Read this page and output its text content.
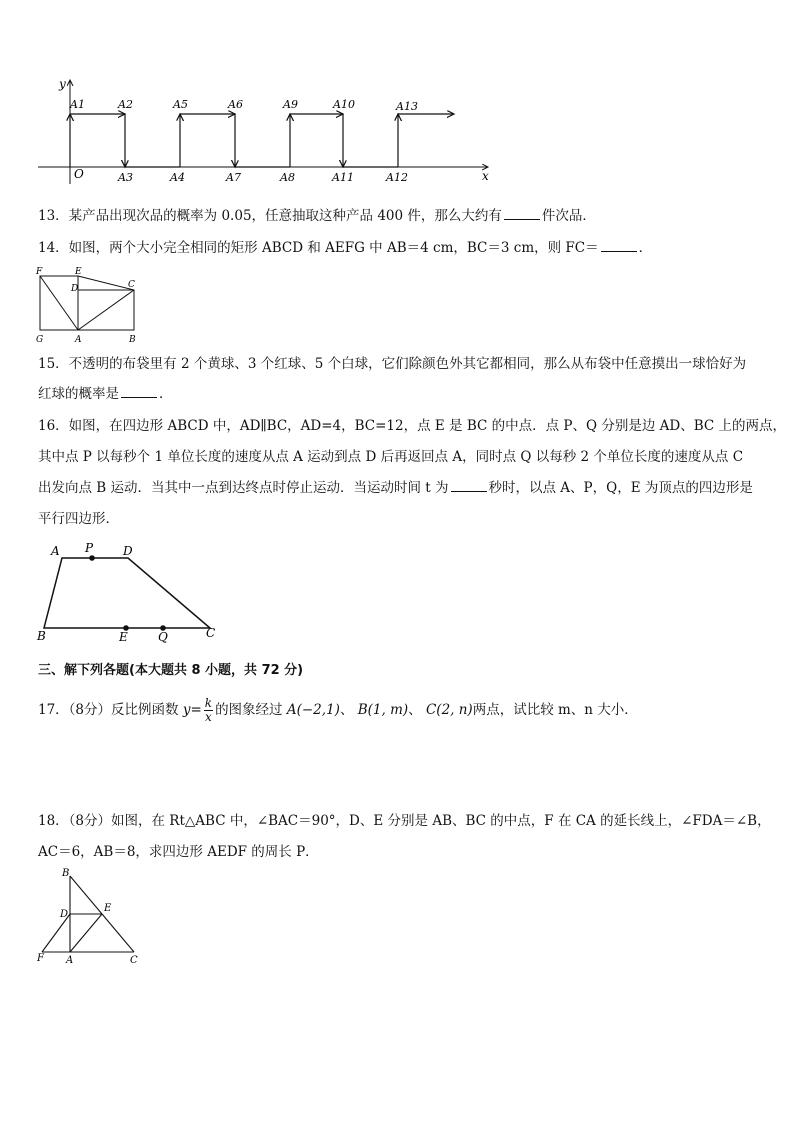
y
x
O
A1	A2	A5	A6	A9	A10	A13
A3	A4	A7	A8	A11	A12
13．某产品出现次品的概率为 0.05，任意抽取这种产品 400 件，那么大约有	件次品．
14．如图，两个大小完全相同的矩形 ABCD 和 AEFG 中 AB＝4 cm，BC＝3 cm，则 FC＝	．
F	E
D	C
G	A	B
15．不透明的布袋里有 2 个黄球、3 个红球、5 个白球，它们除颜色外其它都相同，那么从布袋中任意摸出一球恰好为
红球的概率是	．
16．如图，在四边形 ABCD 中，AD∥BC，AD=4，BC=12，点 E 是 BC 的中点．点 P、Q 分别是边 AD、BC 上的两点，
其中点 P 以每秒个 1 单位长度的速度从点 A 运动到点 D 后再返回点 A，同时点 Q 以每秒 2 个单位长度的速度从点 C
出发向点 B 运动．当其中一点到达终点时停止运动．当运动时间 t 为	秒时，以点 A、P，Q，E 为顶点的四边形是
平行四边形．
A P D
B	E	Q	C
三、解下列各题(本大题共 8 小题，共 72 分)
17．（8分）反比例函数 $y= \frac{k}{x}$ 的图象经过 A(−2,1)、 B(1, m)、 C(2, n)两点，试比较 m、n 大小．
18．（8分）如图，在 Rt△ABC 中，∠BAC＝90°，D、E 分别是 AB、BC 的中点，F 在 CA 的延长线上，∠FDA＝∠B，
AC＝6，AB＝8，求四边形 AEDF 的周长 P．
B
D
E
F A	C
